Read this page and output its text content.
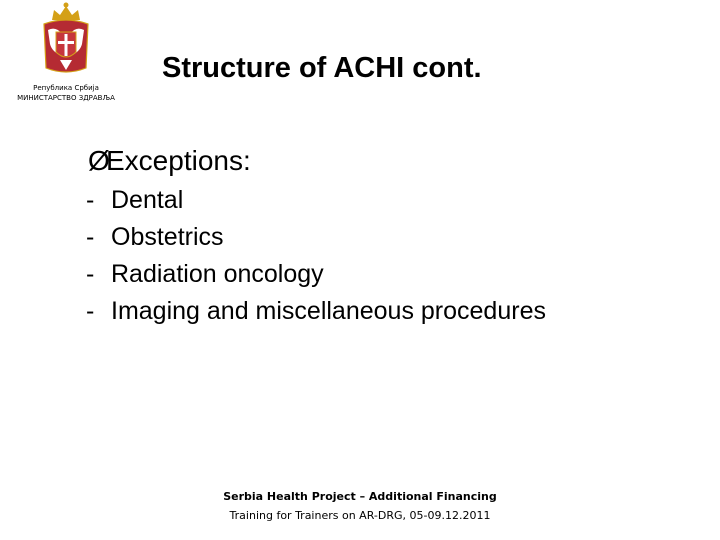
Република Србија
МИНИСТАРСТВО ЗДРАВЉА
Structure of ACHI cont.
ØExceptions:
- Dental
- Obstetrics
- Radiation oncology
- Imaging and miscellaneous procedures
Serbia Health Project – Additional Financing
Training for Trainers on AR-DRG, 05-09.12.2011
